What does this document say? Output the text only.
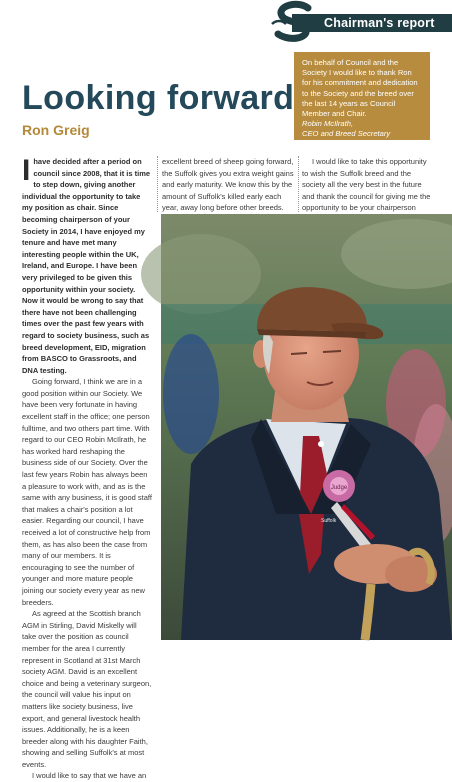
Chairman's report
Looking forward
Ron Greig

On behalf of Council and the Society I would like to thank Ron for his commitment and dedication to the Society and the breed over the last 14 years as Council Member and Chair.

Robin McIlrath,

CEO and Breed Secretary

Ihave decided after a period on council since 2008, that it is time to step down, giving another individual the opportunity to take my position as chair. Since becoming chairperson of your Society in 2014, I have enjoyed my tenure and have met many interesting people within the UK, Ireland, and Europe. I have been very privileged to be given this opportunity within your society. Now it would be wrong to say that there have not been challenging times over the past few years with regard to society business, such as breed development, EID, migration from BASCO to Grassroots, and DNA testing.

Going forward, I think we are in a good position within our Society. We have been very fortunate in having excellent staff in the office; one person fulltime, and two others part time. With regard to our CEO Robin McIlrath, he has worked hard reshaping the business side of our Society. Over the last few years Robin has always been a pleasure to work with, and as is the same with any business, it is good staff that makes a chair's position a lot easier. Regarding our council, I have received a lot of constructive help from them, as has also been the case from many of our members. It is encouraging to see the number of younger and more mature people joining our society every year as new breeders.

As agreed at the Scottish branch AGM in Stirling, David Miskelly will take over the position as council member for the area I currently represent in Scotland at 31st March society AGM. David is an excellent choice and being a veterinary surgeon, the council will value his input on matters like society business, live export, and general livestock health issues. Additionally, he is a keen breeder along with his daughter Faith, showing and selling Suffolk's at most events.

I would like to say that we have an

excellent breed of sheep going forward, the Suffolk gives you extra weight gains and early maturity. We know this by the amount of Suffolk's killed early each year, away long before other breeds.

I would like to take this opportunity to wish the Suffolk breed and the society all the very best in the future and thank the council for giving me the opportunity to be your chairperson

Judge
Suffolk
